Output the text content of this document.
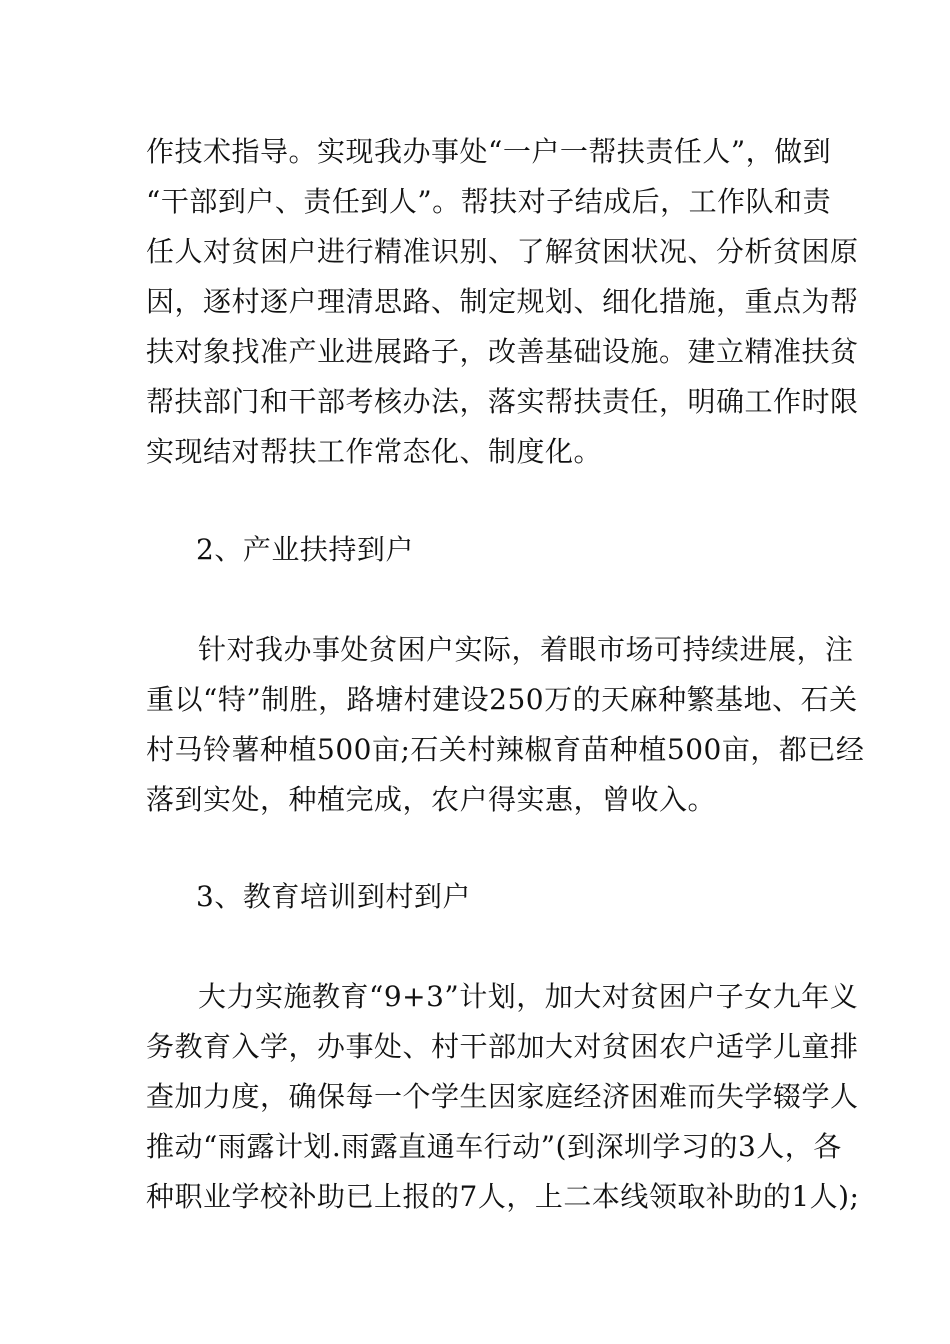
作技术指导。实现我办事处“一户一帮扶责任人”，做到
“干部到户、责任到人”。帮扶对子结成后，工作队和责
任人对贫困户进行精准识别、了解贫困状况、分析贫困原
因，逐村逐户理清思路、制定规划、细化措施，重点为帮
扶对象找准产业进展路子，改善基础设施。建立精准扶贫
帮扶部门和干部考核办法，落实帮扶责任，明确工作时限
实现结对帮扶工作常态化、制度化。
2、产业扶持到户
针对我办事处贫困户实际，着眼市场可持续进展，注
重以“特”制胜，路塘村建设250万的天麻种繁基地、石关
村马铃薯种植500亩;石关村辣椒育苗种植500亩，都已经
落到实处，种植完成，农户得实惠，曾收入。
3、教育培训到村到户
大力实施教育“9+3”计划，加大对贫困户子女九年义
务教育入学，办事处、村干部加大对贫困农户适学儿童排
查加力度，确保每一个学生因家庭经济困难而失学辍学人
推动“雨露计划.雨露直通车行动”(到深圳学习的3人，各
种职业学校补助已上报的7人，上二本线领取补助的1人);
